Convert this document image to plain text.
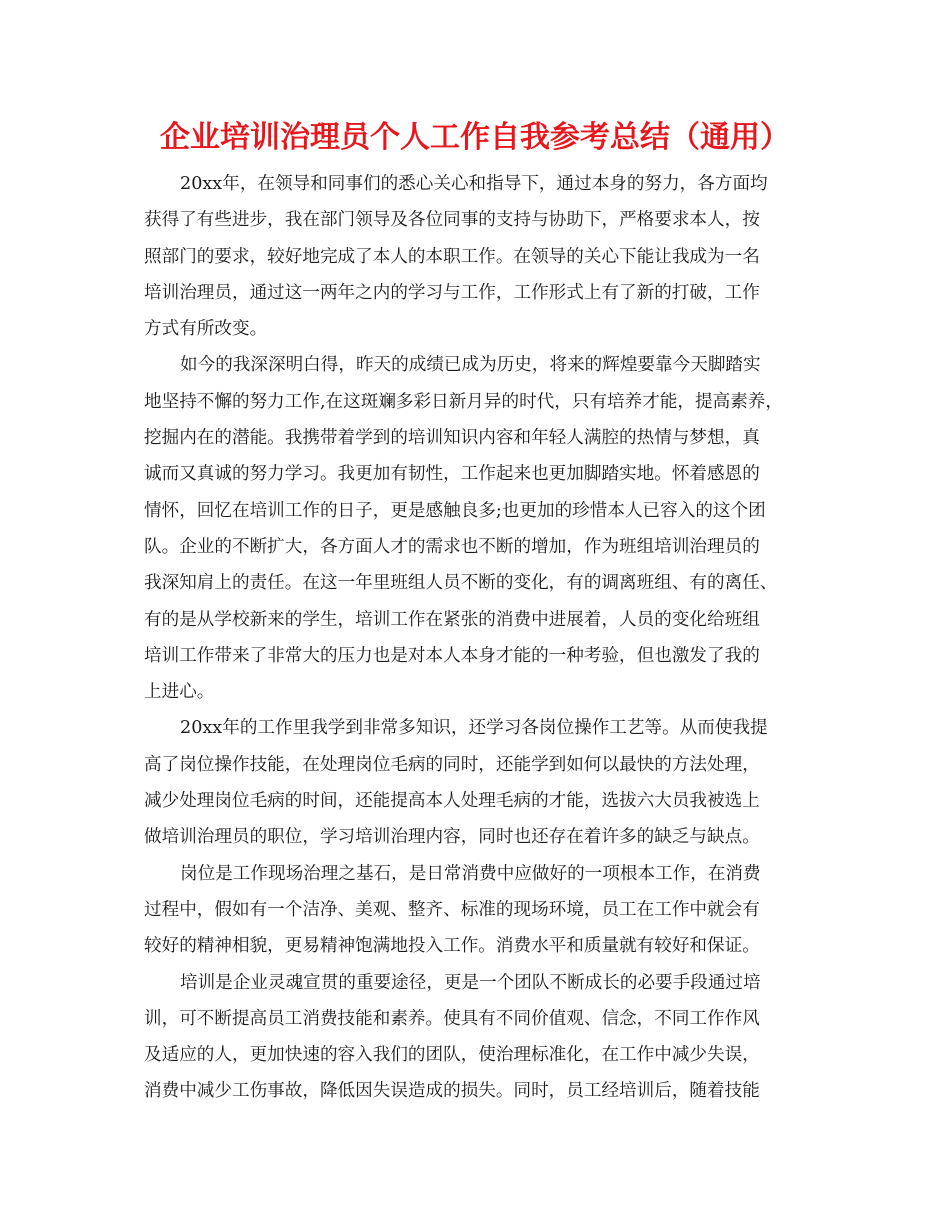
企业培训治理员个人工作自我参考总结（通用）
20xx年，在领导和同事们的悉心关心和指导下，通过本身的努力，各方面均
获得了有些进步，我在部门领导及各位同事的支持与协助下，严格要求本人，按
照部门的要求，较好地完成了本人的本职工作。在领导的关心下能让我成为一名
培训治理员，通过这一两年之内的学习与工作，工作形式上有了新的打破，工作
方式有所改变。
如今的我深深明白得，昨天的成绩已成为历史，将来的辉煌要靠今天脚踏实
地坚持不懈的努力工作,在这斑斓多彩日新月异的时代，只有培养才能，提高素养，
挖掘内在的潜能。我携带着学到的培训知识内容和年轻人满腔的热情与梦想，真
诚而又真诚的努力学习。我更加有韧性，工作起来也更加脚踏实地。怀着感恩的
情怀，回忆在培训工作的日子，更是感触良多;也更加的珍惜本人已容入的这个团
队。企业的不断扩大，各方面人才的需求也不断的增加，作为班组培训治理员的
我深知肩上的责任。在这一年里班组人员不断的变化，有的调离班组、有的离任、
有的是从学校新来的学生，培训工作在紧张的消费中进展着，人员的变化给班组
培训工作带来了非常大的压力也是对本人本身才能的一种考验，但也激发了我的
上进心。
20xx年的工作里我学到非常多知识，还学习各岗位操作工艺等。从而使我提
高了岗位操作技能，在处理岗位毛病的同时，还能学到如何以最快的方法处理，
减少处理岗位毛病的时间，还能提高本人处理毛病的才能，选拔六大员我被选上
做培训治理员的职位，学习培训治理内容，同时也还存在着许多的缺乏与缺点。
岗位是工作现场治理之基石，是日常消费中应做好的一项根本工作，在消费
过程中，假如有一个洁净、美观、整齐、标准的现场环境，员工在工作中就会有
较好的精神相貌，更易精神饱满地投入工作。消费水平和质量就有较好和保证。
培训是企业灵魂宣贯的重要途径，更是一个团队不断成长的必要手段通过培
训，可不断提高员工消费技能和素养。使具有不同价值观、信念，不同工作作风
及适应的人，更加快速的容入我们的团队，使治理标准化，在工作中减少失误，
消费中减少工伤事故，降低因失误造成的损失。同时，员工经培训后，随着技能
